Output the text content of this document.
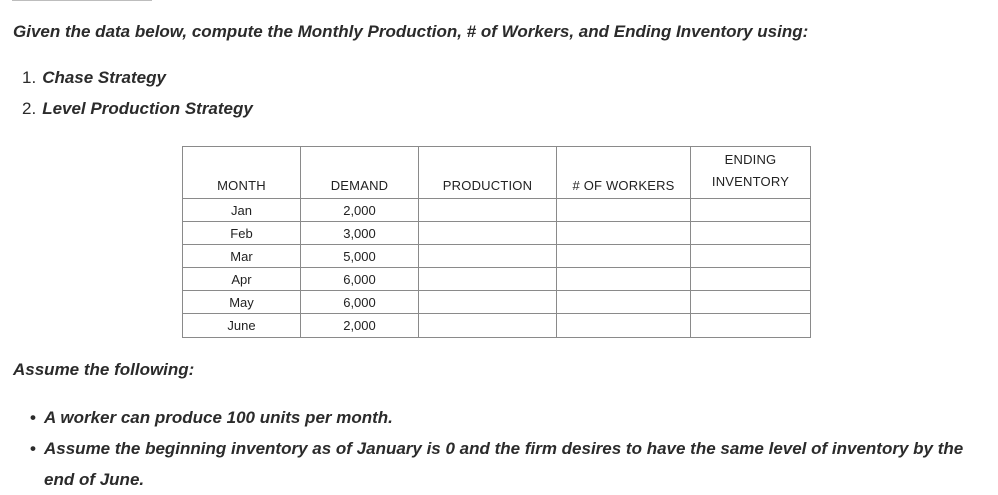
Given the data below, compute the Monthly Production, # of Workers, and Ending Inventory using:
1. Chase Strategy
2. Level Production Strategy
MONTH	DEMAND	PRODUCTION	# OF WORKERS	ENDING
INVENTORY

Jan	2,000			
Feb	3,000			
Mar	5,000			
Apr	6,000			
May	6,000			
June	2,000			
Assume the following:
• A worker can produce 100 units per month.
• Assume the beginning inventory as of January is 0 and the firm desires to have the same level of inventory by the end of June.
